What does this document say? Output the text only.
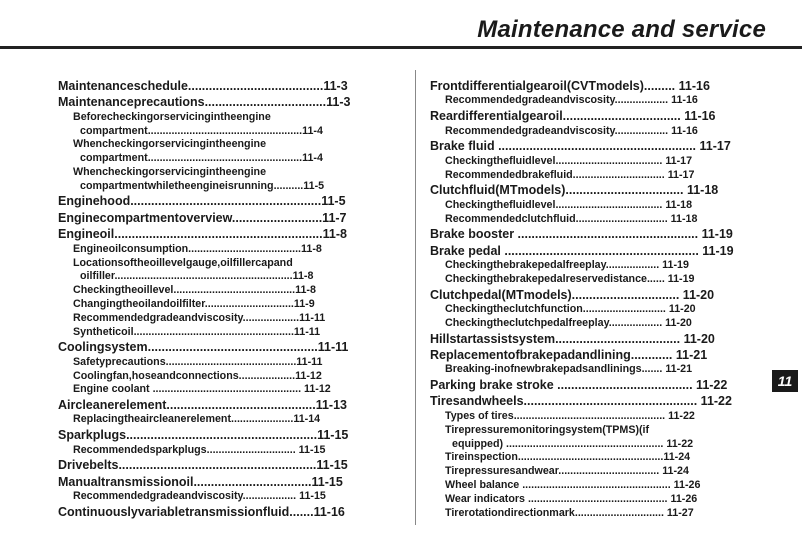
Maintenance and service
Maintenanceschedule.......................................11-3
Maintenanceprecautions...................................11-3
Beforecheckingorservicingintheengine
compartment....................................................11-4
Whencheckingorservicingintheengine
compartment....................................................11-4
Whencheckingorservicingintheengine
compartmentwhiletheengineisrunning..........11-5
Enginehood.......................................................11-5
Enginecompartmentoverview..........................11-7
Engineoil............................................................11-8
Engineoilconsumption......................................11-8
Locationsoftheoillevelgauge,oilfillercapand
oilfiller............................................................11-8
Checkingtheoillevel.........................................11-8
Changingtheoilandoilfilter..............................11-9
Recommendedgradeandviscosity...................11-11
Syntheticoil......................................................11-11
Coolingsystem.................................................11-11
Safetyprecautions............................................11-11
Coolingfan,hoseandconnections...................11-12
Engine coolant .................................................. 11-12
Aircleanerelement...........................................11-13
Replacingtheaircleanerelement.....................11-14
Sparkplugs.......................................................11-15
Recommendedsparkplugs.............................. 11-15
Drivebelts.........................................................11-15
Manualtransmissionoil..................................11-15
Recommendedgradeandviscosity.................. 11-15
Continuouslyvariabletransmissionfluid.......11-16
Frontdifferentialgearoil(CVTmodels)......... 11-16
Recommendedgradeandviscosity.................. 11-16
Reardifferentialgearoil.................................. 11-16
Recommendedgradeandviscosity.................. 11-16
Brake fluid ......................................................... 11-17
Checkingthefluidlevel.................................... 11-17
Recommendedbrakefluid............................... 11-17
Clutchfluid(MTmodels).................................. 11-18
Checkingthefluidlevel.................................... 11-18
Recommendedclutchfluid............................... 11-18
Brake booster .................................................... 11-19
Brake pedal ........................................................ 11-19
Checkingthebrakepedalfreeplay.................. 11-19
Checkingthebrakepedalreservedistance...... 11-19
Clutchpedal(MTmodels)............................... 11-20
Checkingtheclutchfunction............................ 11-20
Checkingtheclutchpedalfreeplay.................. 11-20
Hillstartassistsystem.................................... 11-20
Replacementofbrakepadandlining............ 11-21
Breaking-inofnewbrakepadsandlinings....... 11-21
Parking brake stroke ....................................... 11-22
Tiresandwheels.................................................. 11-22
Types of tires................................................... 11-22
Tirepressuremonitoringsystem(TPMS)(if
equipped) ..................................................... 11-22
Tireinspection.................................................11-24
Tirepressuresandwear.................................. 11-24
Wheel balance .................................................. 11-26
Wear indicators ............................................... 11-26
Tirerotationdirectionmark.............................. 11-27
11
